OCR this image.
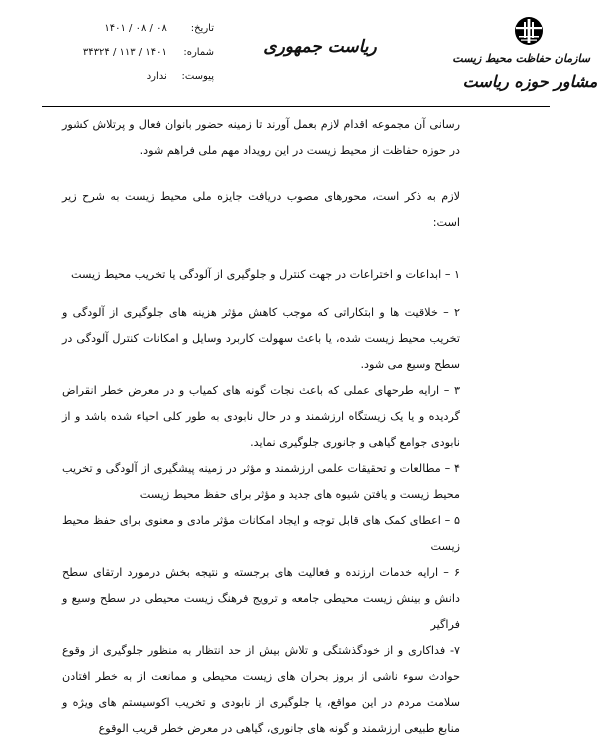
سازمان حفاظت محیط زیست
مشاور حوزه ریاست
ریاست جمهوری
تاریخ: ۱۴۰۱ / ۰۸ / ۰۸
شماره: ۳۴۳۲۴ / ۱۱۳ / ۱۴۰۱
پیوست: ندارد

رسانی آن مجموعه اقدام لازم بعمل آورند تا زمینه حضور بانوان فعال و پرتلاش کشور در حوزه حفاظت از محیط زیست در این رویداد مهم ملی فراهم شود.

لازم به ذکر است، محورهای مصوب دریافت جایزه ملی محیط زیست به شرح زیر است:

۱ – ابداعات و اختراعات در جهت کنترل و جلوگیری از آلودگی یا تخریب محیط زیست

۲ – خلاقیت ها و ابتکاراتی که موجب کاهش مؤثر هزینه های جلوگیری از آلودگی و تخریب محیط زیست شده، یا باعث سهولت کاربرد وسایل و امکانات کنترل آلودگی در سطح وسیع می شود.

۳ – ارایه طرحهای عملی که باعث نجات گونه های کمیاب و در معرض خطر انقراض گردیده و یا یک زیستگاه ارزشمند و در حال نابودی به طور کلی احیاء شده باشد و از نابودی جوامع گیاهی و جانوری جلوگیری نماید.

۴ – مطالعات و تحقیقات علمی ارزشمند و مؤثر در زمینه پیشگیری از آلودگی و تخریب محیط زیست و یافتن شیوه های جدید و مؤثر برای حفظ محیط زیست

۵ – اعطای کمک های قابل توجه و ایجاد امکانات مؤثر مادی و معنوی برای حفظ محیط زیست

۶ – ارایه خدمات ارزنده و فعالیت های برجسته و نتیجه بخش درمورد ارتقای سطح دانش و بینش زیست محیطی جامعه و ترویج فرهنگ زیست محیطی در سطح وسیع و فراگیر

۷- فداکاری و از خودگذشتگی و تلاش بیش از حد انتظار به منظور جلوگیری از وقوع حوادث سوء ناشی از بروز بحران های زیست محیطی و ممانعت از به خطر افتادن سلامت مردم در این مواقع، یا جلوگیری از نابودی و تخریب اکوسیستم های ویژه و منابع طبیعی ارزشمند و گونه های جانوری، گیاهی در معرض خطر قریب الوقوع
